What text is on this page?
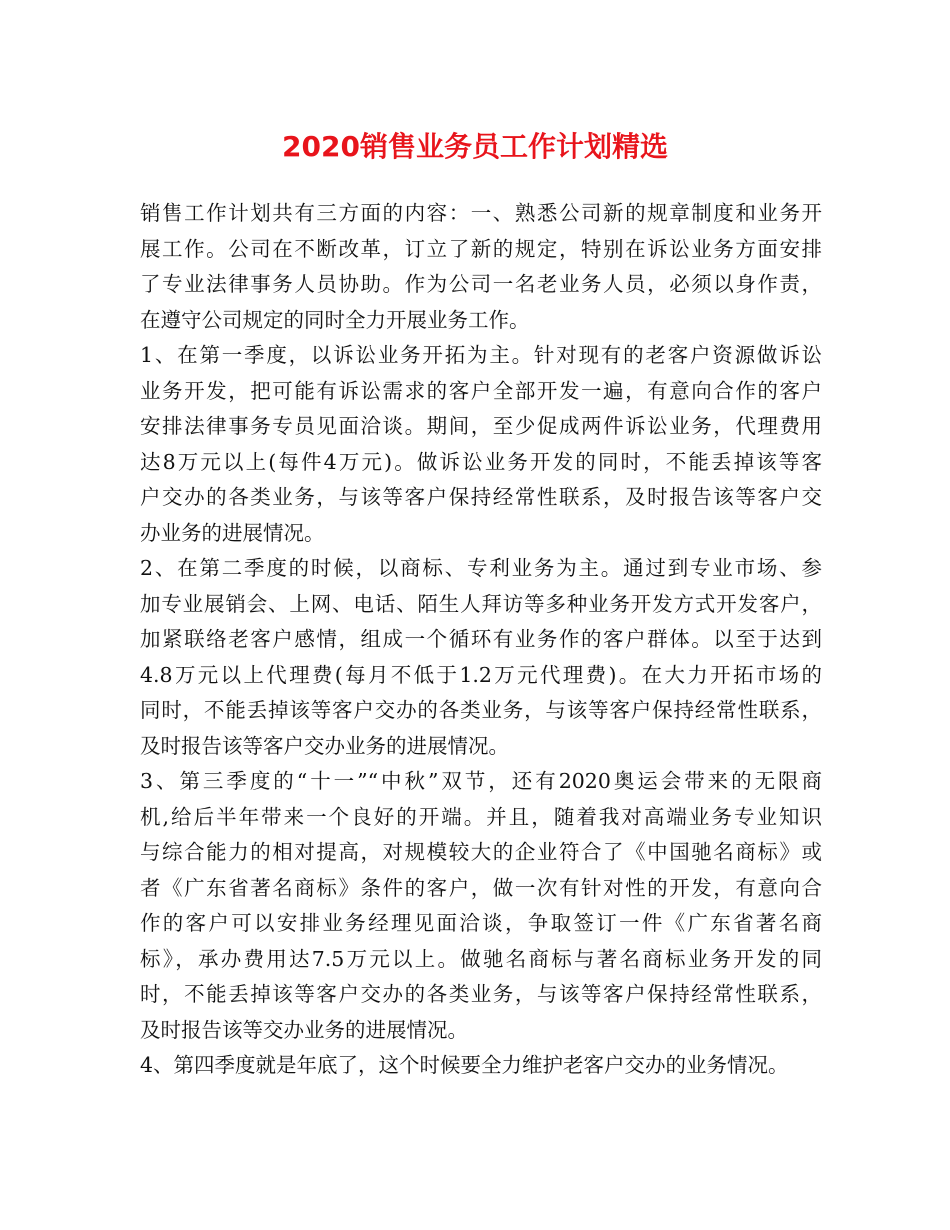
2020销售业务员工作计划精选
销售工作计划共有三方面的内容：一、熟悉公司新的规章制度和业务开
展工作。公司在不断改革，订立了新的规定，特别在诉讼业务方面安排
了专业法律事务人员协助。作为公司一名老业务人员，必须以身作责，
在遵守公司规定的同时全力开展业务工作。
1、在第一季度，以诉讼业务开拓为主。针对现有的老客户资源做诉讼
业务开发，把可能有诉讼需求的客户全部开发一遍，有意向合作的客户
安排法律事务专员见面洽谈。期间，至少促成两件诉讼业务，代理费用
达8万元以上(每件4万元)。做诉讼业务开发的同时，不能丢掉该等客
户交办的各类业务，与该等客户保持经常性联系，及时报告该等客户交
办业务的进展情况。
2、在第二季度的时候，以商标、专利业务为主。通过到专业市场、参
加专业展销会、上网、电话、陌生人拜访等多种业务开发方式开发客户，
加紧联络老客户感情，组成一个循环有业务作的客户群体。以至于达到
4.8万元以上代理费(每月不低于1.2万元代理费)。在大力开拓市场的
同时，不能丢掉该等客户交办的各类业务，与该等客户保持经常性联系，
及时报告该等客户交办业务的进展情况。
3、第三季度的“十一”“中秋”双节，还有2020奥运会带来的无限商
机,给后半年带来一个良好的开端。并且，随着我对高端业务专业知识
与综合能力的相对提高，对规模较大的企业符合了《中国驰名商标》或
者《广东省著名商标》条件的客户，做一次有针对性的开发，有意向合
作的客户可以安排业务经理见面洽谈，争取签订一件《广东省著名商
标》，承办费用达7.5万元以上。做驰名商标与著名商标业务开发的同
时，不能丢掉该等客户交办的各类业务，与该等客户保持经常性联系，
及时报告该等交办业务的进展情况。
4、第四季度就是年底了，这个时候要全力维护老客户交办的业务情况。
